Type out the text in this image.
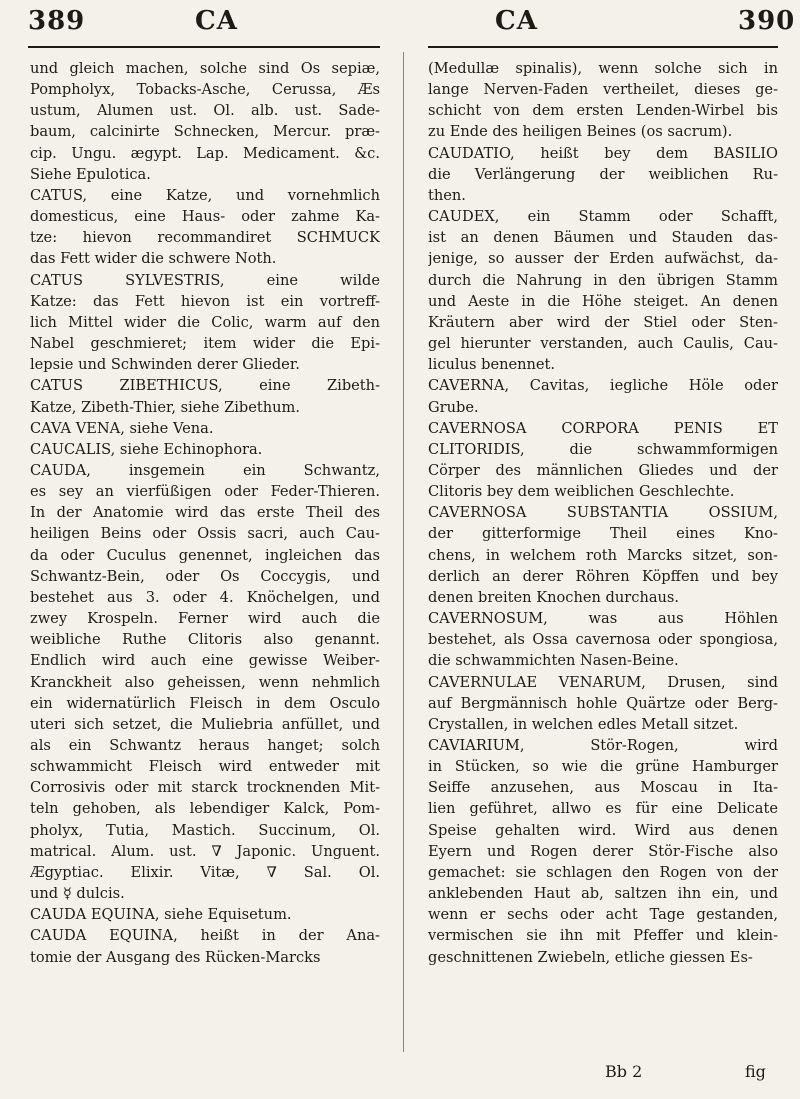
389	CA	CA	390
und gleich machen, solche sind Os sepiæ,
Pompholyx, Tobacks-Asche, Cerussa, Æs
ustum, Alumen ust. Ol. alb. ust. Sade-
baum, calcinirte Schnecken, Mercur. præ-
cip. Ungu. ægypt. Lap. Medicament. &c.
Siehe Epulotica.
CATUS, eine Katze, und vornehmlich
domesticus, eine Haus- oder zahme Ka-
tze: hievon recommandiret SCHMUCK
das Fett wider die schwere Noth.
CATUS SYLVESTRIS, eine wilde
Katze: das Fett hievon ist ein vortreff-
lich Mittel wider die Colic, warm auf den
Nabel geschmieret; item wider die Epi-
lepsie und Schwinden derer Glieder.
CATUS ZIBETHICUS, eine Zibeth-
Katze, Zibeth-Thier, siehe Zibethum.
CAVA VENA, siehe Vena.
CAUCALIS, siehe Echinophora.
CAUDA, insgemein ein Schwantz,
es sey an vierfüßigen oder Feder-Thieren.
In der Anatomie wird das erste Theil des
heiligen Beins oder Ossis sacri, auch Cau-
da oder Cuculus genennet, ingleichen das
Schwantz-Bein, oder Os Coccygis, und
bestehet aus 3. oder 4. Knöchelgen, und
zwey Krospeln. Ferner wird auch die
weibliche Ruthe Clitoris also genannt.
Endlich wird auch eine gewisse Weiber-
Kranckheit also geheissen, wenn nehmlich
ein widernatürlich Fleisch in dem Osculo
uteri sich setzet, die Muliebria anfüllet, und
als ein Schwantz heraus hanget; solch
schwammicht Fleisch wird entweder mit
Corrosivis oder mit starck trocknenden Mit-
teln gehoben, als lebendiger Kalck, Pom-
pholyx, Tutia, Mastich. Succinum, Ol.
matrical. Alum. ust. ∇ Japonic. Unguent.
Ægyptiac. Elixir. Vitæ, ∇ Sal. Ol.
und ☿ dulcis.
CAUDA EQUINA, siehe Equisetum.
CAUDA EQUINA, heißt in der Ana-
tomie der Ausgang des Rücken-Marcks
(Medullæ spinalis), wenn solche sich in
lange Nerven-Faden vertheilet, dieses ge-
schicht von dem ersten Lenden-Wirbel bis
zu Ende des heiligen Beines (os sacrum).
CAUDATIO, heißt bey dem BASILIO
die Verlängerung der weiblichen Ru-
then.
CAUDEX, ein Stamm oder Schafft,
ist an denen Bäumen und Stauden das-
jenige, so ausser der Erden aufwächst, da-
durch die Nahrung in den übrigen Stamm
und Aeste in die Höhe steiget. An denen
Kräutern aber wird der Stiel oder Sten-
gel hierunter verstanden, auch Caulis, Cau-
liculus benennet.
CAVERNA, Cavitas, iegliche Höle oder
Grube.
CAVERNOSA CORPORA PENIS ET
CLITORIDIS, die schwammformigen
Cörper des männlichen Gliedes und der
Clitoris bey dem weiblichen Geschlechte.
CAVERNOSA SUBSTANTIA OSSIUM,
der gitterformige Theil eines Kno-
chens, in welchem roth Marcks sitzet, son-
derlich an derer Röhren Köpffen und bey
denen breiten Knochen durchaus.
CAVERNOSUM, was aus Höhlen
bestehet, als Ossa cavernosa oder spongiosa,
die schwammichten Nasen-Beine.
CAVERNULAE VENARUM, Drusen, sind
auf Bergmännisch hohle Quärtze oder Berg-
Crystallen, in welchen edles Metall sitzet.
CAVIARIUM, Stör-Rogen, wird
in Stücken, so wie die grüne Hamburger
Seiffe anzusehen, aus Moscau in Ita-
lien geführet, allwo es für eine Delicate
Speise gehalten wird. Wird aus denen
Eyern und Rogen derer Stör-Fische also
gemachet: sie schlagen den Rogen von der
anklebenden Haut ab, saltzen ihn ein, und
wenn er sechs oder acht Tage gestanden,
vermischen sie ihn mit Pfeffer und klein-
geschnittenen Zwiebeln, etliche giessen Es-
Bb 2	fig
